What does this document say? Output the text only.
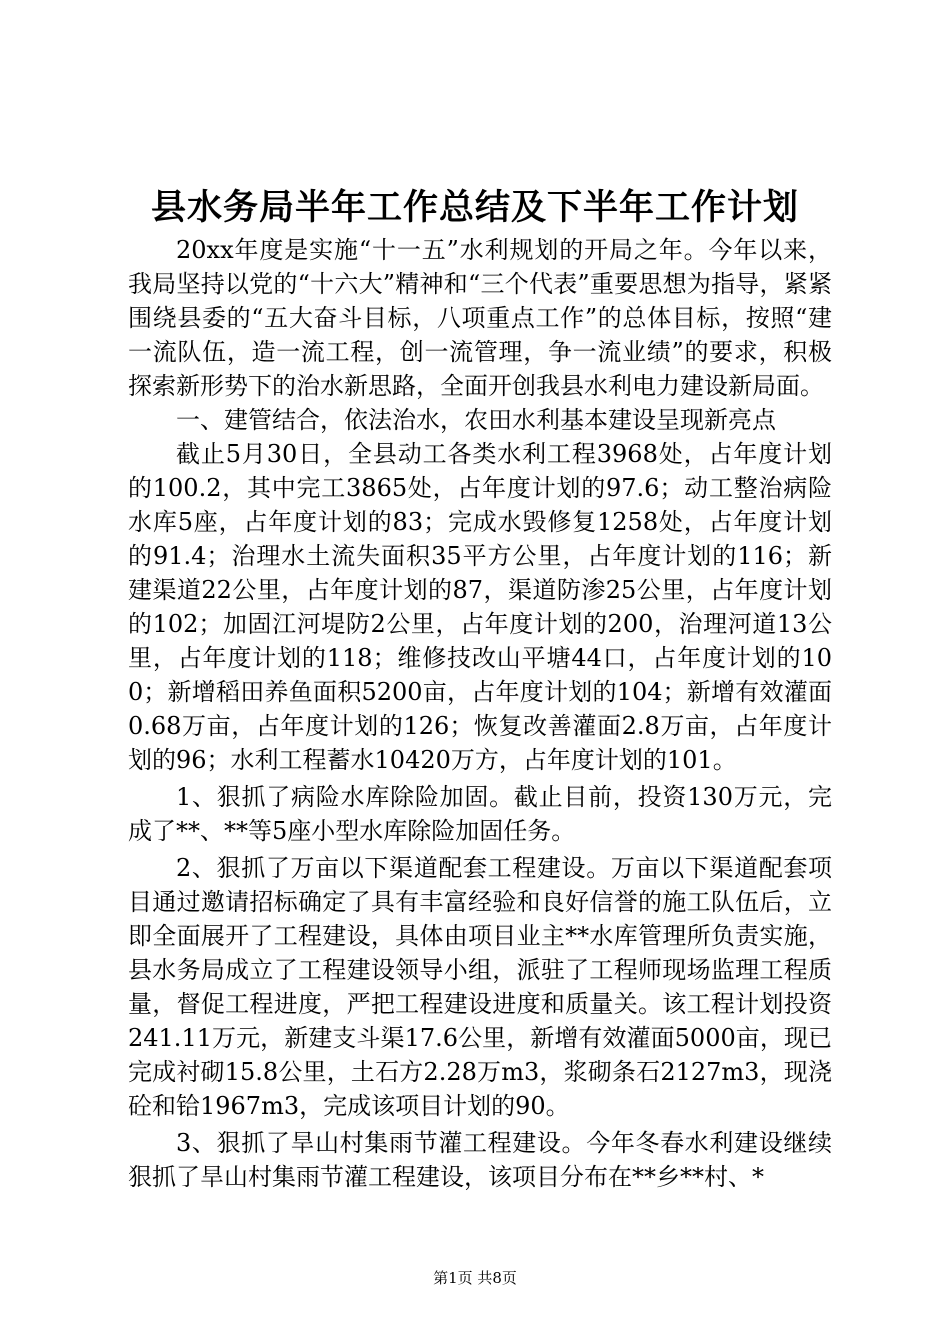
县水务局半年工作总结及下半年工作计划

20xx年度是实施“十一五”水利规划的开局之年。今年以来，我局坚持以党的“十六大”精神和“三个代表”重要思想为指导，紧紧围绕县委的“五大奋斗目标，八项重点工作”的总体目标，按照“建一流队伍，造一流工程，创一流管理，争一流业绩”的要求，积极探索新形势下的治水新思路，全面开创我县水利电力建设新局面。

一、建管结合，依法治水，农田水利基本建设呈现新亮点

截止5月30日，全县动工各类水利工程3968处，占年度计划的100.2，其中完工3865处，占年度计划的97.6；动工整治病险水库5座，占年度计划的83；完成水毁修复1258处，占年度计划的91.4；治理水土流失面积35平方公里，占年度计划的116；新建渠道22公里，占年度计划的87，渠道防渗25公里，占年度计划的102；加固江河堤防2公里，占年度计划的200，治理河道13公里，占年度计划的118；维修技改山平塘44口，占年度计划的100；新增稻田养鱼面积5200亩，占年度计划的104；新增有效灌面0.68万亩，占年度计划的126；恢复改善灌面2.8万亩，占年度计划的96；水利工程蓄水10420万方，占年度计划的101。

1、狠抓了病险水库除险加固。截止目前，投资130万元，完成了**、**等5座小型水库除险加固任务。

2、狠抓了万亩以下渠道配套工程建设。万亩以下渠道配套项目通过邀请招标确定了具有丰富经验和良好信誉的施工队伍后，立即全面展开了工程建设，具体由项目业主**水库管理所负责实施，县水务局成立了工程建设领导小组，派驻了工程师现场监理工程质量，督促工程进度，严把工程建设进度和质量关。该工程计划投资241.11万元，新建支斗渠17.6公里，新增有效灌面5000亩，现已完成衬砌15.8公里，土石方2.28万m3，浆砌条石2127m3，现浇砼和铪1967m3，完成该项目计划的90。

3、狠抓了旱山村集雨节灌工程建设。今年冬春水利建设继续狠抓了旱山村集雨节灌工程建设，该项目分布在**乡**村、*

第1页 共8页
